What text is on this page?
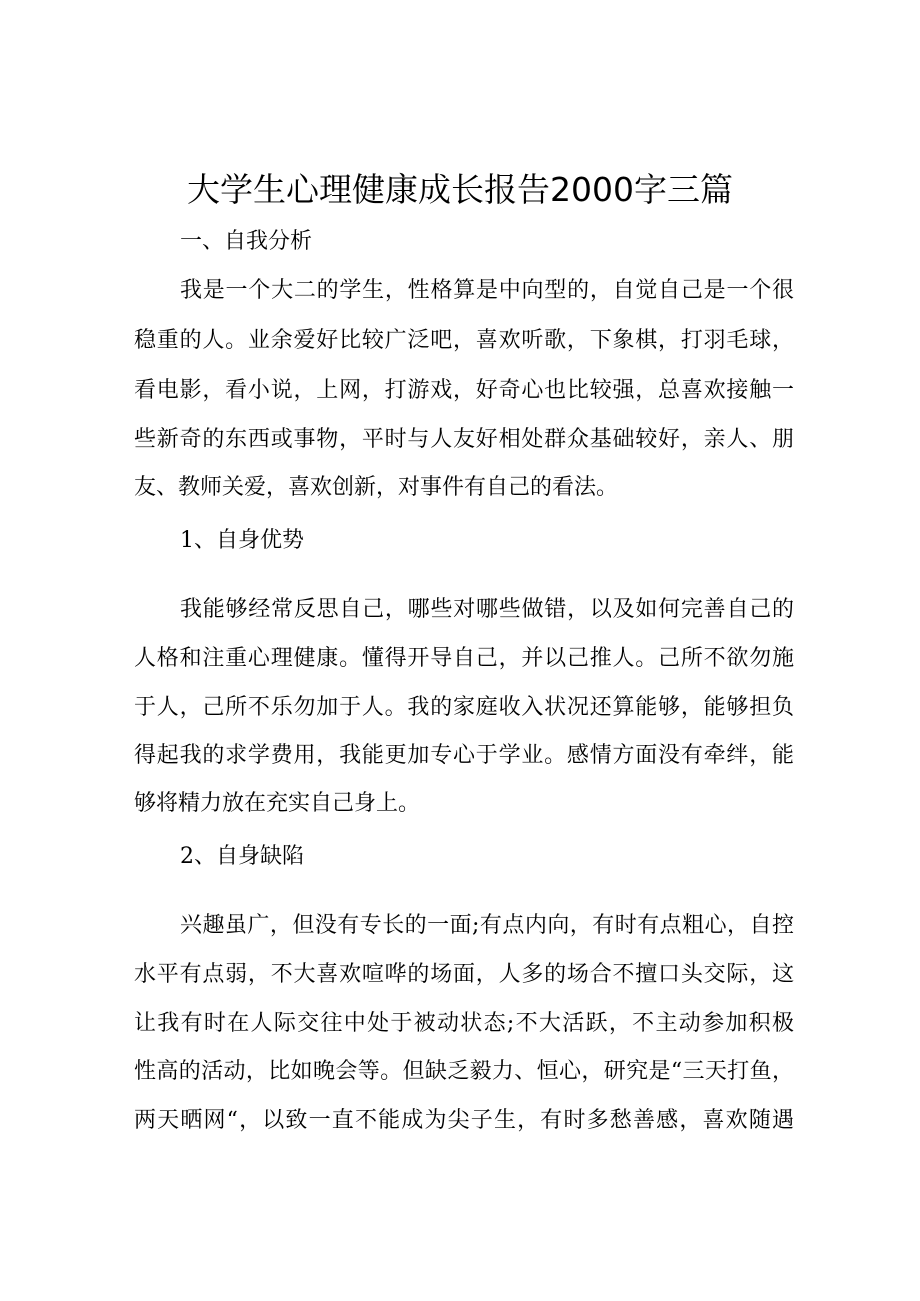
大学生心理健康成长报告2000字三篇
一、自我分析
我是一个大二的学生，性格算是中向型的，自觉自己是一个很
稳重的人。业余爱好比较广泛吧，喜欢听歌，下象棋，打羽毛球，
看电影，看小说，上网，打游戏，好奇心也比较强，总喜欢接触一
些新奇的东西或事物，平时与人友好相处群众基础较好，亲人、朋
友、教师关爱，喜欢创新，对事件有自己的看法。
1、自身优势
我能够经常反思自己，哪些对哪些做错，以及如何完善自己的
人格和注重心理健康。懂得开导自己，并以己推人。己所不欲勿施
于人，己所不乐勿加于人。我的家庭收入状况还算能够，能够担负
得起我的求学费用，我能更加专心于学业。感情方面没有牵绊，能
够将精力放在充实自己身上。
2、自身缺陷
兴趣虽广，但没有专长的一面;有点内向，有时有点粗心，自控
水平有点弱，不大喜欢喧哗的场面，人多的场合不擅口头交际，这
让我有时在人际交往中处于被动状态;不大活跃，不主动参加积极
性高的活动，比如晚会等。但缺乏毅力、恒心，研究是“三天打鱼，
两天晒网“，以致一直不能成为尖子生，有时多愁善感，喜欢随遇
